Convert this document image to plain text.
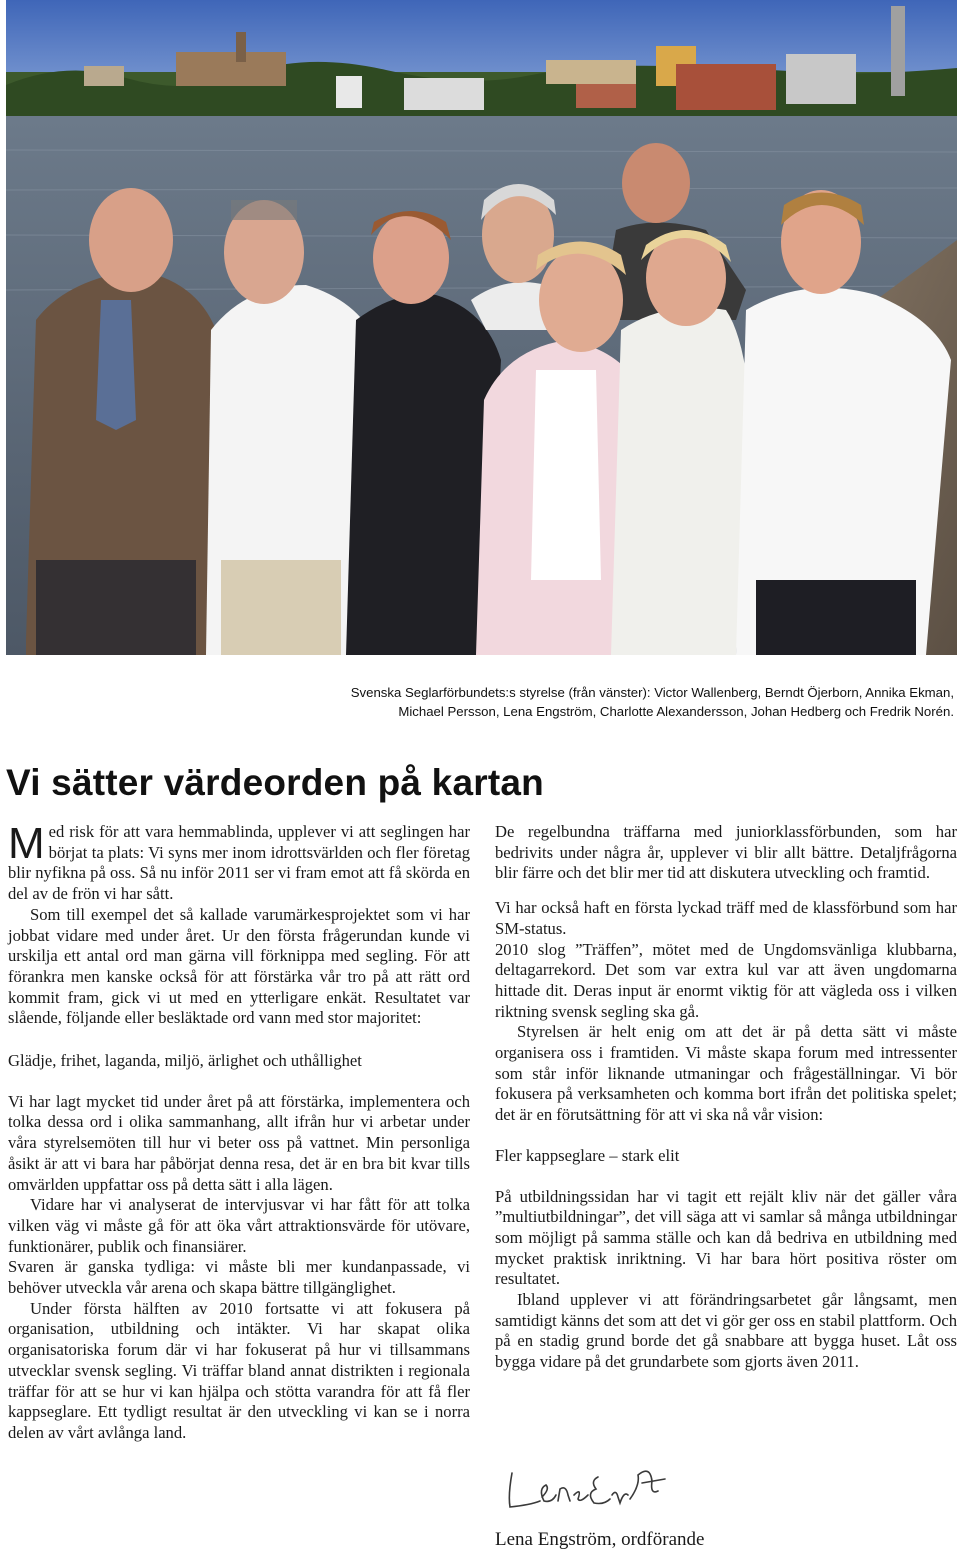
Svenska Seglarförbundets:s styrelse (från vänster): Victor Wallenberg, Berndt Öjerborn, Annika Ekman,
Michael Persson, Lena Engström, Charlotte Alexandersson, Johan Hedberg och Fredrik Norén.
Vi sätter värdeorden på kartan

Med risk för att vara hemmablinda, upplever vi att seglingen har börjat ta plats: Vi syns mer inom idrottsvärlden och fler företag blir nyfikna på oss. Så nu inför 2011 ser vi fram emot att få skörda en del av de frön vi har sått.

Som till exempel det så kallade varumärkesprojektet som vi har jobbat vidare med under året. Ur den första frågerundan kunde vi urskilja ett antal ord man gärna vill förknippa med segling. För att förankra men kanske också för att förstärka vår tro på att rätt ord kommit fram, gick vi ut med en ytterligare enkät. Resultatet var slående, följande eller besläktade ord vann med stor majoritet:

Glädje, frihet, laganda, miljö, ärlighet och uthållighet

Vi har lagt mycket tid under året på att förstärka, implementera och tolka dessa ord i olika sammanhang, allt ifrån hur vi arbetar under våra styrelsemöten till hur vi beter oss på vattnet. Min personliga åsikt är att vi bara har påbörjat denna resa, det är en bra bit kvar tills omvärlden uppfattar oss på detta sätt i alla lägen.

Vidare har vi analyserat de intervjusvar vi har fått för att tolka vilken väg vi måste gå för att öka vårt attraktionsvärde för utövare, funktionärer, publik och finansiärer.

Svaren är ganska tydliga: vi måste bli mer kundanpassade, vi behöver utveckla vår arena och skapa bättre tillgänglighet.

Under första hälften av 2010 fortsatte vi att fokusera på organisation, utbildning och intäkter. Vi har skapat olika organisatoriska forum där vi har fokuserat på hur vi tillsammans utvecklar svensk segling. Vi träffar bland annat distrikten i regionala träffar för att se hur vi kan hjälpa och stötta varandra för att få fler kappseglare. Ett tydligt resultat är den utveckling vi kan se i norra delen av vårt avlånga land.

De regelbundna träffarna med juniorklassförbunden, som har bedrivits under några år, upplever vi blir allt bättre. Detaljfrågorna blir färre och det blir mer tid att diskutera utveckling och framtid.

Vi har också haft en första lyckad träff med de klassförbund som har SM-status.

2010 slog ”Träffen”, mötet med de Ungdomsvänliga klubbarna, deltagarrekord. Det som var extra kul var att även ungdomarna hittade dit. Deras input är enormt viktig för att vägleda oss i vilken riktning svensk segling ska gå.

Styrelsen är helt enig om att det är på detta sätt vi måste organisera oss i framtiden. Vi måste skapa forum med intressenter som står inför liknande utmaningar och frågeställningar. Vi bör fokusera på verksamheten och komma bort ifrån det politiska spelet; det är en förutsättning för att vi ska nå vår vision:

Fler kappseglare – stark elit

På utbildningssidan har vi tagit ett rejält kliv när det gäller våra ”multiutbildningar”, det vill säga att vi samlar så många utbildningar som möjligt på samma ställe och kan då bedriva en utbildning med mycket praktisk inriktning. Vi har bara hört positiva röster om resultatet.

Ibland upplever vi att förändringsarbetet går långsamt, men samtidigt känns det som att det vi gör ger oss en stabil plattform. Och på en stadig grund borde det gå snabbare att bygga huset. Låt oss bygga vidare på det grundarbete som gjorts även 2011.

Lena Engström, ordförande
